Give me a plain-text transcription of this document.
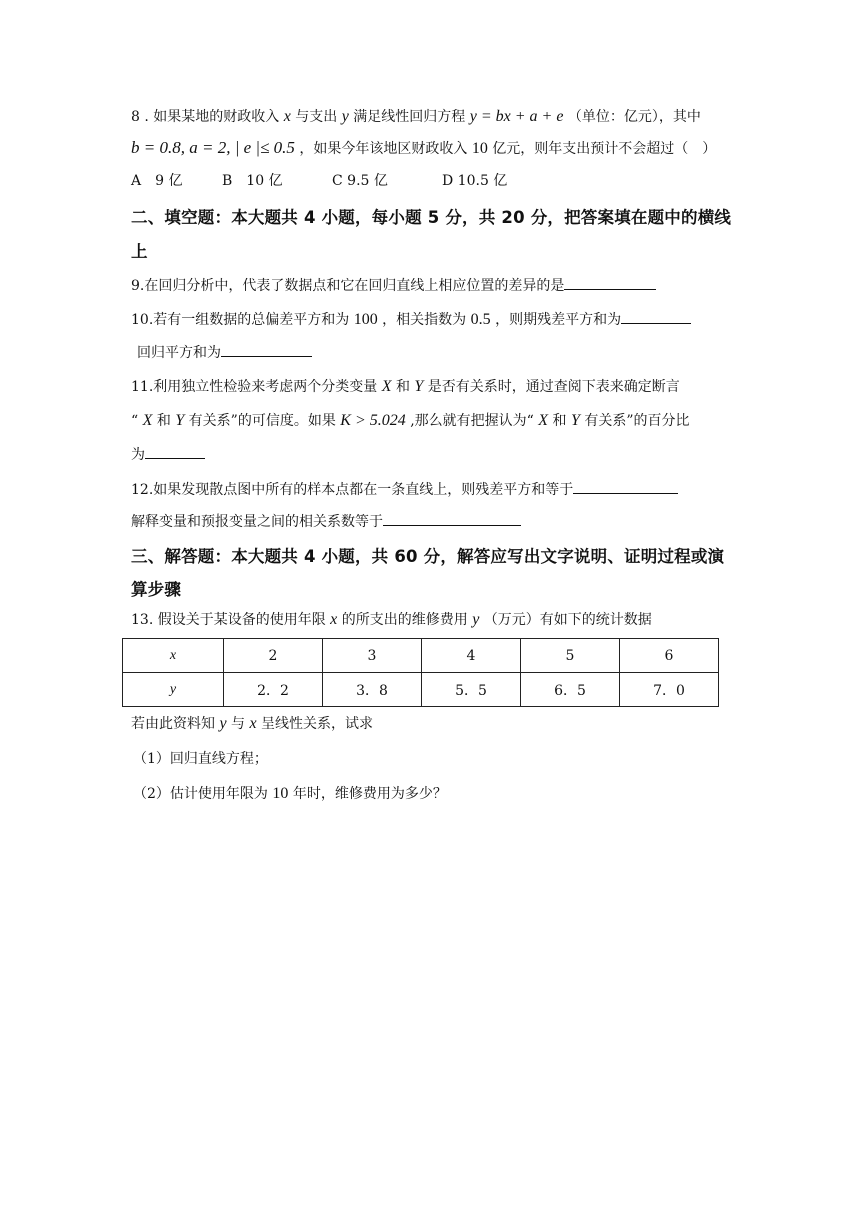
8 . 如果某地的财政收入 x 与支出 y 满足线性回归方程 y = bx + a + e （单位：亿元），其中
b = 0.8, a = 2, | e |≤ 0.5 ，如果今年该地区财政收入 10 亿元，则年支出预计不会超过（　）
A　9 亿	B　10 亿	C 9.5 亿	D 10.5 亿
二、填空题：本大题共 4 小题，每小题 5 分，共 20 分，把答案填在题中的横线
上
9.在回归分析中，代表了数据点和它在回归直线上相应位置的差异的是
10.若有一组数据的总偏差平方和为 100 ，相关指数为 0.5 ，则期残差平方和为
回归平方和为
11.利用独立性检验来考虑两个分类变量 X 和 Y 是否有关系时，通过查阅下表来确定断言
“ X 和 Y 有关系”的可信度。如果 K > 5.024 ,那么就有把握认为“ X 和 Y 有关系”的百分比
为
12.如果发现散点图中所有的样本点都在一条直线上，则残差平方和等于
解释变量和预报变量之间的相关系数等于
三、解答题：本大题共 4 小题，共 60 分，解答应写出文字说明、证明过程或演
算步骤
13. 假设关于某设备的使用年限 x 的所支出的维修费用 y （万元）有如下的统计数据
x	2	3	4	5	6
y	2．2	3．8	5．5	6．5	7．0
若由此资料知 y 与 x 呈线性关系，试求
（1）回归直线方程；
（2）估计使用年限为 10 年时，维修费用为多少？
